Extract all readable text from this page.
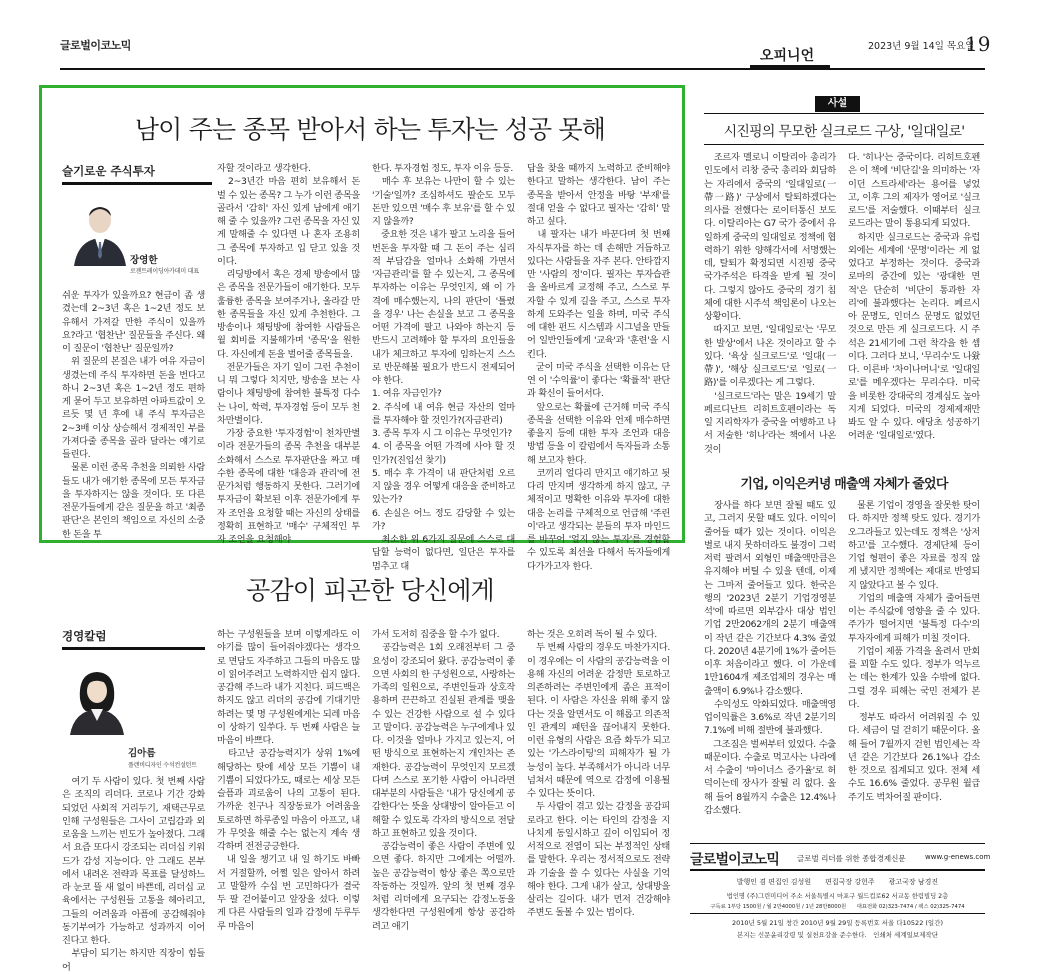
글로벌이코노믹
오피니언
2023년 9월 14일 목요일
19
남이 주는 종목 받아서 하는 투자는 성공 못해
슬기로운 주식투자
장영한
로젠트레이딩아카데미 대표
쉬운 투자가 있을까요? 현금이 좀 생겼는데 2~3년 혹은 1~2년 정도 보유해서 가져갈 만한 주식이 있을까요?라고 '협찬난' 질문들을 주신다. 왜 이 질문이 '협찬난' 질문일까?
　위 질문의 본질은 내가 여유 자금이 생겼는데 주식 투자하면 돈을 번다고 하니 2~3년 혹은 1~2년 정도 편하게 묻어 두고 보유하면 아파트값이 오르듯 몇 년 후에 내 주식 투자금은 2~3배 이상 상승해서 경제적인 부를 가져다줄 종목을 골라 달라는 얘기로 들린다.
　물론 이런 종목 추천을 의뢰한 사람들도 내가 애기한 종목에 모든 투자금을 투자하지는 않을 것이다. 또 다른 전문가들에게 같은 질문을 하고 '최종 판단'은 본인의 책임으로 자신의 소중한 돈을 투
자할 것이라고 생각한다.
　2~3년간 마음 편히 보유해서 돈 벌 수 있는 종목? 그 누가 이런 종목을 골라서 '감히' 자신 있게 남에게 애기해 줄 수 있을까? 그런 종목을 자신 있게 말해줄 수 있다면 나 혼자 조용히 그 종목에 투자하고 입 닫고 있을 것이다.
　리딩방에서 혹은 경제 방송에서 많은 종목을 전문가들이 애기한다. 모두 훌륭한 종목을 보여주거나, 올라갈 만한 종목들을 자신 있게 추천한다. 그 방송이나 채팅방에 참여한 사람들은 월 회비를 지불해가며 '종목'을 원한다. 자신에게 돈을 벌어줄 종목들을.
　전문가들은 자기 일이 그런 추천이니 뭐 그렇다 치지만, 방송을 보는 사람이나 채팅방에 참여한 불특정 다수는 나이, 학력, 투자경험 등이 모두 천차만별이다.
　가장 중요한 '투자경험'이 천차만별이라 전문가들의 종목 추천을 대부분 소화해서 스스로 투자판단을 짜고 매수한 종목에 대한 '대응과 관리'에 전문가처럼 행동하지 못한다. 그러기에 투자금이 확보된 이후 전문가에게 투자 조언을 요청할 때는 자신의 상태를 정확히 표현하고 '매수' 구체적인 투자 조언을 요청해야
한다. 투자경험 정도, 투자 이유 등등.
　매수 후 보유는 나만이 할 수 있는 '기술'일까? 조심하셔도 팔순도 모두 돈만 있으면 '매수 후 보유'를 할 수 있지 않을까?
　중요한 것은 내가 팔고 노리을 들어 번돈을 투자할 때 그 돈이 주는 심리적 부담감을 얼마나 소화해 가면서 '자금관리'를 할 수 있는지, 그 종목에 투자하는 이유는 무엇인지, 왜 이 가격에 매수했는지, 나의 판단이 '틀렸을 경우' 나는 손실을 보고 그 종목을 어떤 가격에 팔고 나와야 하는지 등 반드시 고려해야 할 투자의 요인들을 내가 체크하고 투자에 임하는지 스스로 반문해볼 필요가 반드시 전제되어야 한다.
1. 여유 자금인가?
2. 주식에 내 여유 현금 자산의 얼마를 투자해야 할 것인가?(자금관리)
3. 종목 투자 시 그 이유는 무엇인가?
4. 이 종목을 어떤 가격에 사야 할 것인가?(진입선 찾기)
5. 매수 후 가격이 내 판단처럼 오르지 않을 경우 어떻게 대응을 준비하고 있는가?
6. 손실은 어느 정도 감당할 수 있는가?
　최소한 위 6가지 질문에 스스로 대답할 능력이 없다면, 일단은 투자를 멈추고 대
답을 찾을 때까지 노력하고 준비해야 한다고 말하는 생각한다. 남이 주는 종목을 받아서 안정을 바탕 '부재'를 절대 얻을 수 없다고 필자는 '감히' 말하고 싶다.
　내 팔자는 내가 바꾼다며 첫 번째 자식투자를 하는 데 손해만 거듭하고 있다는 사람들을 자주 본다. 안타깝지만 '사람의 정'이다. 필자는 투자습관을 올바르게 교정해 주고, 스스로 투자할 수 있게 길을 주고, 스스로 투자하게 도와주는 일을 하며, 미국 주식에 대한 펀드 시스템과 시그널을 만들어 일반인들에게 '교육'과 '훈련'을 시킨다.
　굳이 미국 주식을 선택한 이유는 단연 이 '수익률'이 좋다는 '확률적' 판단과 확신이 들어서다.
　앞으로는 확률에 근거해 미국 주식 종목을 선택한 이유와 언제 매수하면 좋을지 등에 대한 투자 조언과 대응 방법 등을 이 칼럼에서 독자들과 소통해 보고자 한다.
　코끼리 얼다리 만지고 얘기하고 됫다리 만지며 생각하게 하지 않고, 구체적이고 명확한 이유와 투자에 대한 대응 논리를 구체적으로 언급해 '주린이'라고 생각되는 분들의 투자 마인드를 바꾸어 '얼지 않는 투자'를 경험할 수 있도록 최선을 다해서 독자들에게 다가가고자 한다.
사설
시진핑의 무모한 실크로드 구상, '일대일로'
　조르자 멜로니 이탈리아 총리가 인도에서 리창 중국 총리와 회담하는 자리에서 중국의 '일대일로(一帶一路)' 구상에서 탈퇴하겠다는 의사를 전했다는 로이터통신 보도다. 이탈리아는 G7 국가 중에서 유일하게 중국의 일대일로 정책에 협력하기 위한 양해각서에 서명했는데, 탈퇴가 확정되면 시진핑 중국 국가주석은 타격을 받게 될 것이다. 그렇지 않아도 중국의 경기 침체에 대한 시주석 책임론이 나오는 상황이다.
　따지고 보면, '일대일로'는 '무모한 발상'에서 나온 것이라고 할 수 있다. '육상 실크로드'로 '일대(一帶)', '해상 실크로드'로 '일로(一路)'를 이루겠다는 게 그렇다.
　'실크로드'라는 말은 19세기 말 페르디난트 리히트호펜이라는 독일 지리학자가 중국을 여행하고 나서 저술한 '히나'라는 책에서 나온 것이
다. '히나'는 중국이다. 리히트호펜은 이 책에 '비단길'을 의미하는 '자이던 스트라세'라는 용어를 넣었고, 이후 그의 제자가 영어로 '실크로드'를 저술했다. 이때부터 실크로드라는 말이 통용되게 되었다.
　하지만 실크로드는 중국과 유럽 외에는 세계에 '문명'이라는 게 없었다고 부정하는 것이다. 중국과 로마의 중간에 있는 '광대한 면적'은 단순히 '비단이 통과한 자리'에 불과했다는 논리다. 페르시아 문명도, 인더스 문명도 없었던 것으로 만든 게 실크로드다. 시 주석은 21세기에 그런 착각을 한 셈이다. 그러다 보니, '무리수'도 나왔다. 이른바 '차이나머니'로 '일대일로'를 메우겠다는 무리수다. 미국을 비롯한 강대국의 경계심도 높아지게 되었다. 미국의 경제제재만 봐도 알 수 있다. 애당초 성공하기 어려운 '일대일로'였다.
기업, 이익은커녕 매출액 자체가 줄었다
　장사를 하다 보면 잘될 때도 있고, 그러지 못할 때도 있다. 이익이 줄어들 때가 있는 것이다. 이익은 별로 내지 못하더라도 불경이 그럭저럭 팔려서 외형인 매출액만큼은 유지해야 버틸 수 있을 텐데, 이제는 그마저 줄어들고 있다. 한국은행의 '2023년 2분기 기업경영분석'에 따르면 외부감사 대상 법인기업 2만2062개의 2분기 매출액이 작년 같은 기간보다 4.3% 줄었다. 2020년 4분기에 1%가 줄어든 이후 처음이라고 했다. 이 가운데 1만1604개 제조업체의 경우는 매출액이 6.9%나 감소했다.
　수익성도 악화되었다. 매출액영업이익률은 3.6%로 작년 2분기의 7.1%에 비해 절반에 불과했다.
　그조짐은 벌써부터 있었다. 수출 때문이다. 수출로 먹고사는 나라에서 수출이 '마이너스 증가율'로 허덕이는데 장사가 잘될 리 없다. 올해 들어 8월까지 수출은 12.4%나 감소했다.
　물론 기업이 경영을 잘못한 탓이다. 하지만 정책 탓도 있다. 경기가 오그라들고 있는데도 정책은 '상저하고'를 고수했다. 경제단체 등이 기업 형편이 좋은 자료를 정직 않게 냈지만 정책에는 제대로 반영되지 않았다고 볼 수 있다.
　기업의 매출액 자체가 줄어들면 이는 주식값에 영향을 줄 수 있다. 주가가 떨어지면 '불특정 다수'의 투자자에게 피해가 미칠 것이다.
　기업이 제품 가격을 올려서 만회를 꾀할 수도 있다. 정부가 억누르는 데는 한계가 있을 수밖에 없다. 그럴 경우 피해는 국민 전체가 본다.
　정부도 따라서 어려워질 수 있다. 세금이 덜 걷히기 때문이다. 올해 들어 7월까지 걷힌 법인세는 작년 같은 기간보다 26.1%나 감소한 것으로 집계되고 있다. 전체 세수도 16.6% 줄었다. 공무원 월급 주기도 벅차어질 판이다.
공감이 피곤한 당신에게
경영칼럼
김아름
플랜비디자인 수석컨설턴트
　여기 두 사람이 있다. 첫 번째 사람은 조직의 리더다. 코로나 기간 강화되었던 사회적 거리두기, 재택근무로 인해 구성원들은 그사이 고립감과 외로움을 느끼는 빈도가 높아졌다. 그래서 요즘 또다시 강조되는 리더십 키워드가 감성 지능이다. 안 그래도 본부에서 내려온 전략과 목표를 달성하느라 눈코 뜰 새 없이 바쁜데, 리더십 교육에서는 구성원들 고통을 헤아리고, 그들의 어려움과 아픔에 공감해줘야 동기부여가 가능하고 성과까지 이어진다고 한다.
　부담이 되기는 하지만 직장이 힘들어
하는 구성원들을 보며 이렇게라도 이야기를 많이 들어줘야겠다는 생각으로 면담도 자주하고 그들의 마음도 많이 읽어주려고 노력하지만 쉽지 않다. 공감해 주느라 내가 지친다. 피드백은 하지도 않고 리더의 공감에 기대기만 하려는 몇 명 구성원에게는 되레 마음이 상하기 일쑤다. 두 번째 사람은 늘 마음이 바쁘다.
　타고난 공감능력지가 상위 1%에 해당하는 탓에 세상 모든 기쁨이 내 기쁨이 되었다가도, 때로는 세상 모든 슬픔과 괴로움이 나의 고통이 된다. 가까운 친구나 직장동료가 어려움을 토로하면 하루종일 마음이 아프고, 내가 무엇을 해줄 수는 없는지 계속 생각하며 전전긍긍한다.
　내 일을 챙기고 내 일 하기도 바빠서 거절할까, 어쩔 일은 알아서 하려고 말할까 수십 번 고민하다가 결국 두 팔 걷어붙이고 앞장을 섰다. 이렇게 다른 사람들의 일과 감정에 두루두루 마음이
가서 도저히 집중을 할 수가 없다.
　공감능력은 1회 오래전부터 그 중요성이 강조되어 왔다. 공감능력이 좋으면 사회의 한 구성원으로, 사랑하는 가족의 일원으로, 주변인들과 상호작용하며 끈끈하고 진실된 관계를 맺을 수 있는 건강한 사람으로 설 수 있다고 말이다. 공감능력은 누구에게나 있다. 이것을 얼마나 가지고 있는지, 어떤 방식으로 표현하는지 개인차는 존재한다. 공감능력이 무엇인지 모르겠다며 스스로 포기한 사람이 아니라면 대부분의 사람들은 '내가 당신에게 공감한다'는 뜻을 상대방이 알아듣고 이해할 수 있도록 각자의 방식으로 전달하고 표현하고 있을 것이다.
　공감능력이 좋은 사람이 주변에 있으면 좋다. 하지만 그에게는 어떨까. 높은 공감능력이 항상 좋은 쪽으로만 작동하는 것일까. 앞의 첫 번째 경우처럼 리더에게 요구되는 감정노동을 생각한다면 구성원에게 항상 공감하려고 애기
하는 것은 오히려 독이 될 수 있다.
　두 번째 사람의 경우도 마찬가지다. 이 경우에는 이 사람의 공감능력을 이용해 자신의 어려운 감정만 토로하고 의존하려는 주변인에게 좀은 표적이 된다. 이 사람은 자신을 위해 좋지 않다는 것을 알면서도 이 해롭고 의존적인 관계의 패턴을 끊어내지 못한다. 이런 유형의 사람은 요즘 화두가 되고 있는 '가스라이팅'의 피해자가 될 가능성이 높다. 부족해서가 아니라 너무 넘쳐서 때문에 역으로 감정에 이용될 수 있다는 뜻이다.
　두 사람이 겪고 있는 감정을 공감피로라고 한다. 이는 타인의 감정을 지나치게 동일시하고 깊이 이입되어 정서적으로 전염이 되는 부정적인 상태를 말한다. 우리는 정서적으로도 전략과 기술을 쓸 수 있다는 사실을 기억해야 한다. 그게 내가 살고, 상대방을 살리는 길이다. 내가 먼저 건강해야 주변도 돌볼 수 있는 법이다.
글로벌이코노믹 글로벌 리더를 위한 종합경제신문	www.g-enews.com
발행인 겸 편집인 김성원　　편집국장 강헌주　　광고국장 남경진
법인명 (주)그린미디어 주소 서울특별시 마포구 월드컵로62 서교동 한림빌딩 2층
구독료 1부당 1500원 / 월 2만4000원 / 1년 28만8000원　　대표전화 02)323-7474 / 팩스 02)325-7474
2010년 5월 21일 창간 2010년 9월 29일 등록번호 서울 다10522 (일간)
본지는 신문윤리강령 및 실천요강을 준수한다.　인쇄처 세계일보제작단
